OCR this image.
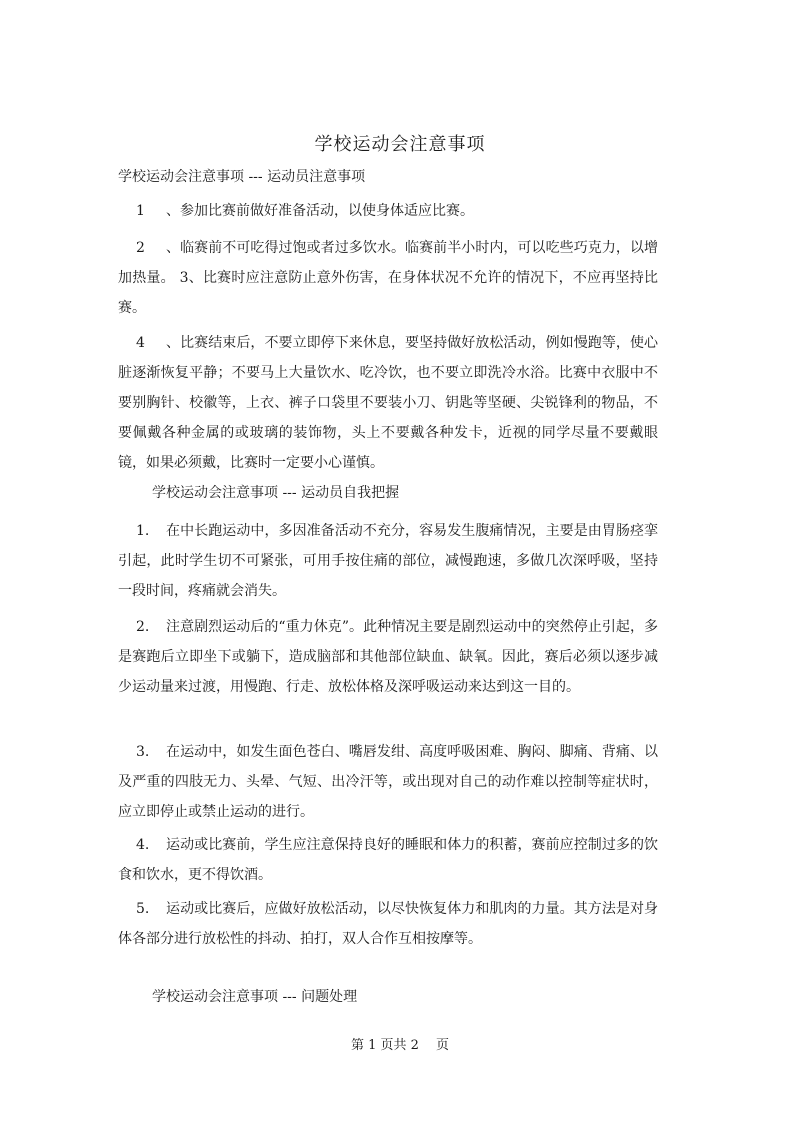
学校运动会注意事项
学校运动会注意事项 --- 运动员注意事项

1 、参加比赛前做好准备活动，以使身体适应比赛。

2 、临赛前不可吃得过饱或者过多饮水。临赛前半小时内，可以吃些巧克力，以增加热量。 3、比赛时应注意防止意外伤害，在身体状况不允许的情况下，不应再坚持比赛。

4 、比赛结束后，不要立即停下来休息，要坚持做好放松活动，例如慢跑等，使心脏逐渐恢复平静；不要马上大量饮水、吃冷饮，也不要立即洗冷水浴。比赛中衣服中不要别胸针、校徽等，上衣、裤子口袋里不要装小刀、钥匙等坚硬、尖锐锋利的物品，不要佩戴各种金属的或玻璃的装饰物，头上不要戴各种发卡，近视的同学尽量不要戴眼镜，如果必须戴，比赛时一定要小心谨慎。

学校运动会注意事项 --- 运动员自我把握

1. 在中长跑运动中，多因准备活动不充分，容易发生腹痛情况，主要是由胃肠痉挛引起，此时学生切不可紧张，可用手按住痛的部位，减慢跑速，多做几次深呼吸，坚持一段时间，疼痛就会消失。

2. 注意剧烈运动后的“重力休克”。此种情况主要是剧烈运动中的突然停止引起，多是赛跑后立即坐下或躺下，造成脑部和其他部位缺血、缺氧。因此，赛后必须以逐步减少运动量来过渡，用慢跑、行走、放松体格及深呼吸运动来达到这一目的。

3. 在运动中，如发生面色苍白、嘴唇发绀、高度呼吸困难、胸闷、脚痛、背痛、以及严重的四肢无力、头晕、气短、出冷汗等，或出现对自己的动作难以控制等症状时，应立即停止或禁止运动的进行。

4. 运动或比赛前，学生应注意保持良好的睡眠和体力的积蓄，赛前应控制过多的饮食和饮水，更不得饮酒。

5. 运动或比赛后，应做好放松活动，以尽快恢复体力和肌肉的力量。其方法是对身体各部分进行放松性的抖动、拍打，双人合作互相按摩等。

学校运动会注意事项 --- 问题处理
第 1 页共 2　 页
